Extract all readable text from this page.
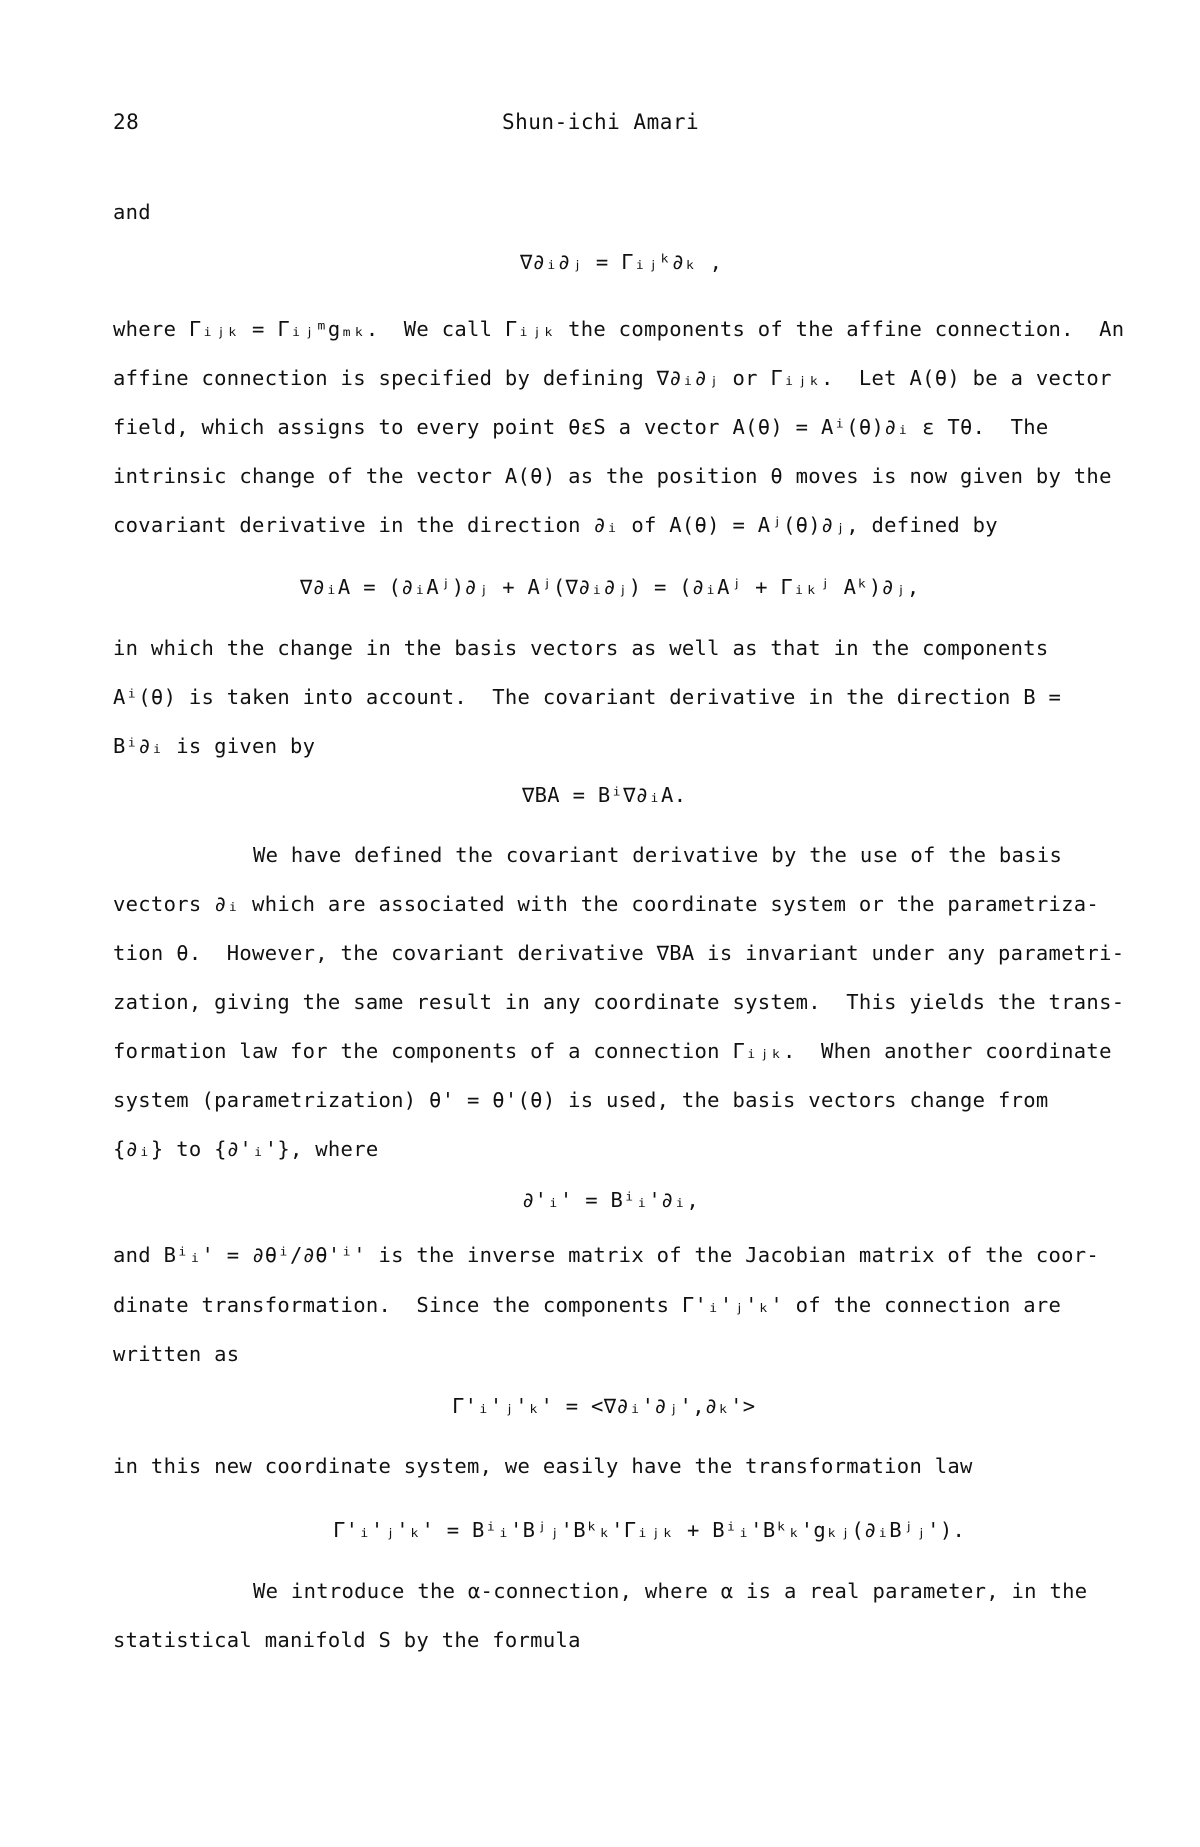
28	Shun-ichi Amari

and

∇∂ᵢ∂ⱼ = Γᵢⱼᵏ∂ₖ ,

where Γᵢⱼₖ = Γᵢⱼᵐgₘₖ.  We call Γᵢⱼₖ the components of the affine connection.  An

affine connection is specified by defining ∇∂ᵢ∂ⱼ or Γᵢⱼₖ.  Let A(θ) be a vector

field, which assigns to every point θεS a vector A(θ) = Aⁱ(θ)∂ᵢ ε Tθ.  The

intrinsic change of the vector A(θ) as the position θ moves is now given by the

covariant derivative in the direction ∂ᵢ of A(θ) = Aʲ(θ)∂ⱼ, defined by

∇∂ᵢA = (∂ᵢAʲ)∂ⱼ + Aʲ(∇∂ᵢ∂ⱼ) = (∂ᵢAʲ + Γᵢₖʲ Aᵏ)∂ⱼ,

in which the change in the basis vectors as well as that in the components

Aⁱ(θ) is taken into account.  The covariant derivative in the direction B =

Bⁱ∂ᵢ is given by

∇BA = Bⁱ∇∂ᵢA.

We have defined the covariant derivative by the use of the basis

vectors ∂ᵢ which are associated with the coordinate system or the parametriza-

tion θ.  However, the covariant derivative ∇BA is invariant under any parametri-

zation, giving the same result in any coordinate system.  This yields the trans-

formation law for the components of a connection Γᵢⱼₖ.  When another coordinate

system (parametrization) θ' = θ'(θ) is used, the basis vectors change from

{∂ᵢ} to {∂'ᵢ'}, where

∂'ᵢ' = Bⁱᵢ'∂ᵢ,

and Bⁱᵢ' = ∂θⁱ/∂θ'ⁱ' is the inverse matrix of the Jacobian matrix of the coor-

dinate transformation.  Since the components Γ'ᵢ'ⱼ'ₖ' of the connection are

written as

Γ'ᵢ'ⱼ'ₖ' = <∇∂ᵢ'∂ⱼ',∂ₖ'>

in this new coordinate system, we easily have the transformation law

Γ'ᵢ'ⱼ'ₖ' = Bⁱᵢ'Bʲⱼ'Bᵏₖ'Γᵢⱼₖ + Bⁱᵢ'Bᵏₖ'gₖⱼ(∂ᵢBʲⱼ').

We introduce the α-connection, where α is a real parameter, in the

statistical manifold S by the formula
